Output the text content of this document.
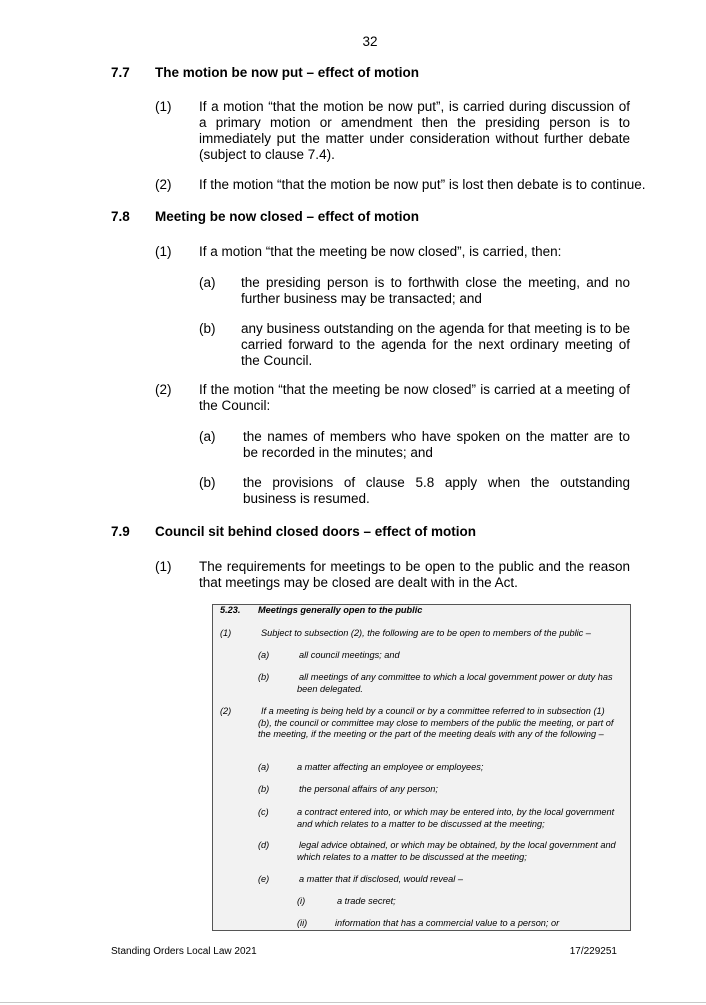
32
7.7 The motion be now put – effect of motion
(1) If a motion “that the motion be now put”, is carried during discussion of a primary motion or amendment then the presiding person is to immediately put the matter under consideration without further debate (subject to clause 7.4).
(2) If the motion “that the motion be now put” is lost then debate is to continue.
7.8 Meeting be now closed – effect of motion
(1) If a motion “that the meeting be now closed”, is carried, then:
(a) the presiding person is to forthwith close the meeting, and no further business may be transacted; and
(b) any business outstanding on the agenda for that meeting is to be carried forward to the agenda for the next ordinary meeting of the Council.
(2) If the motion “that the meeting be now closed” is carried at a meeting of the Council:
(a) the names of members who have spoken on the matter are to be recorded in the minutes; and
(b) the provisions of clause 5.8 apply when the outstanding business is resumed.
7.9 Council sit behind closed doors – effect of motion
(1) The requirements for meetings to be open to the public and the reason that meetings may be closed are dealt with in the Act.
5.23. Meetings generally open to the public
(1)	Subject to subsection (2), the following are to be open to members of the public –
(a)	all council meetings; and
(b)	all meetings of any committee to which a local government power or duty has been delegated.
(2)	If a meeting is being held by a council or by a committee referred to in subsection (1)(b), the council or committee may close to members of the public the meeting, or part of the meeting, if the meeting or the part of the meeting deals with any of the following –
(a)	a matter affecting an employee or employees;
(b)	the personal affairs of any person;
(c)	a contract entered into, or which may be entered into, by the local government and which relates to a matter to be discussed at the meeting;
(d)	legal advice obtained, or which may be obtained, by the local government and which relates to a matter to be discussed at the meeting;
(e)	a matter that if disclosed, would reveal –
(i)	a trade secret;
(ii)	information that has a commercial value to a person; or
Standing Orders Local Law 2021	17/229251
